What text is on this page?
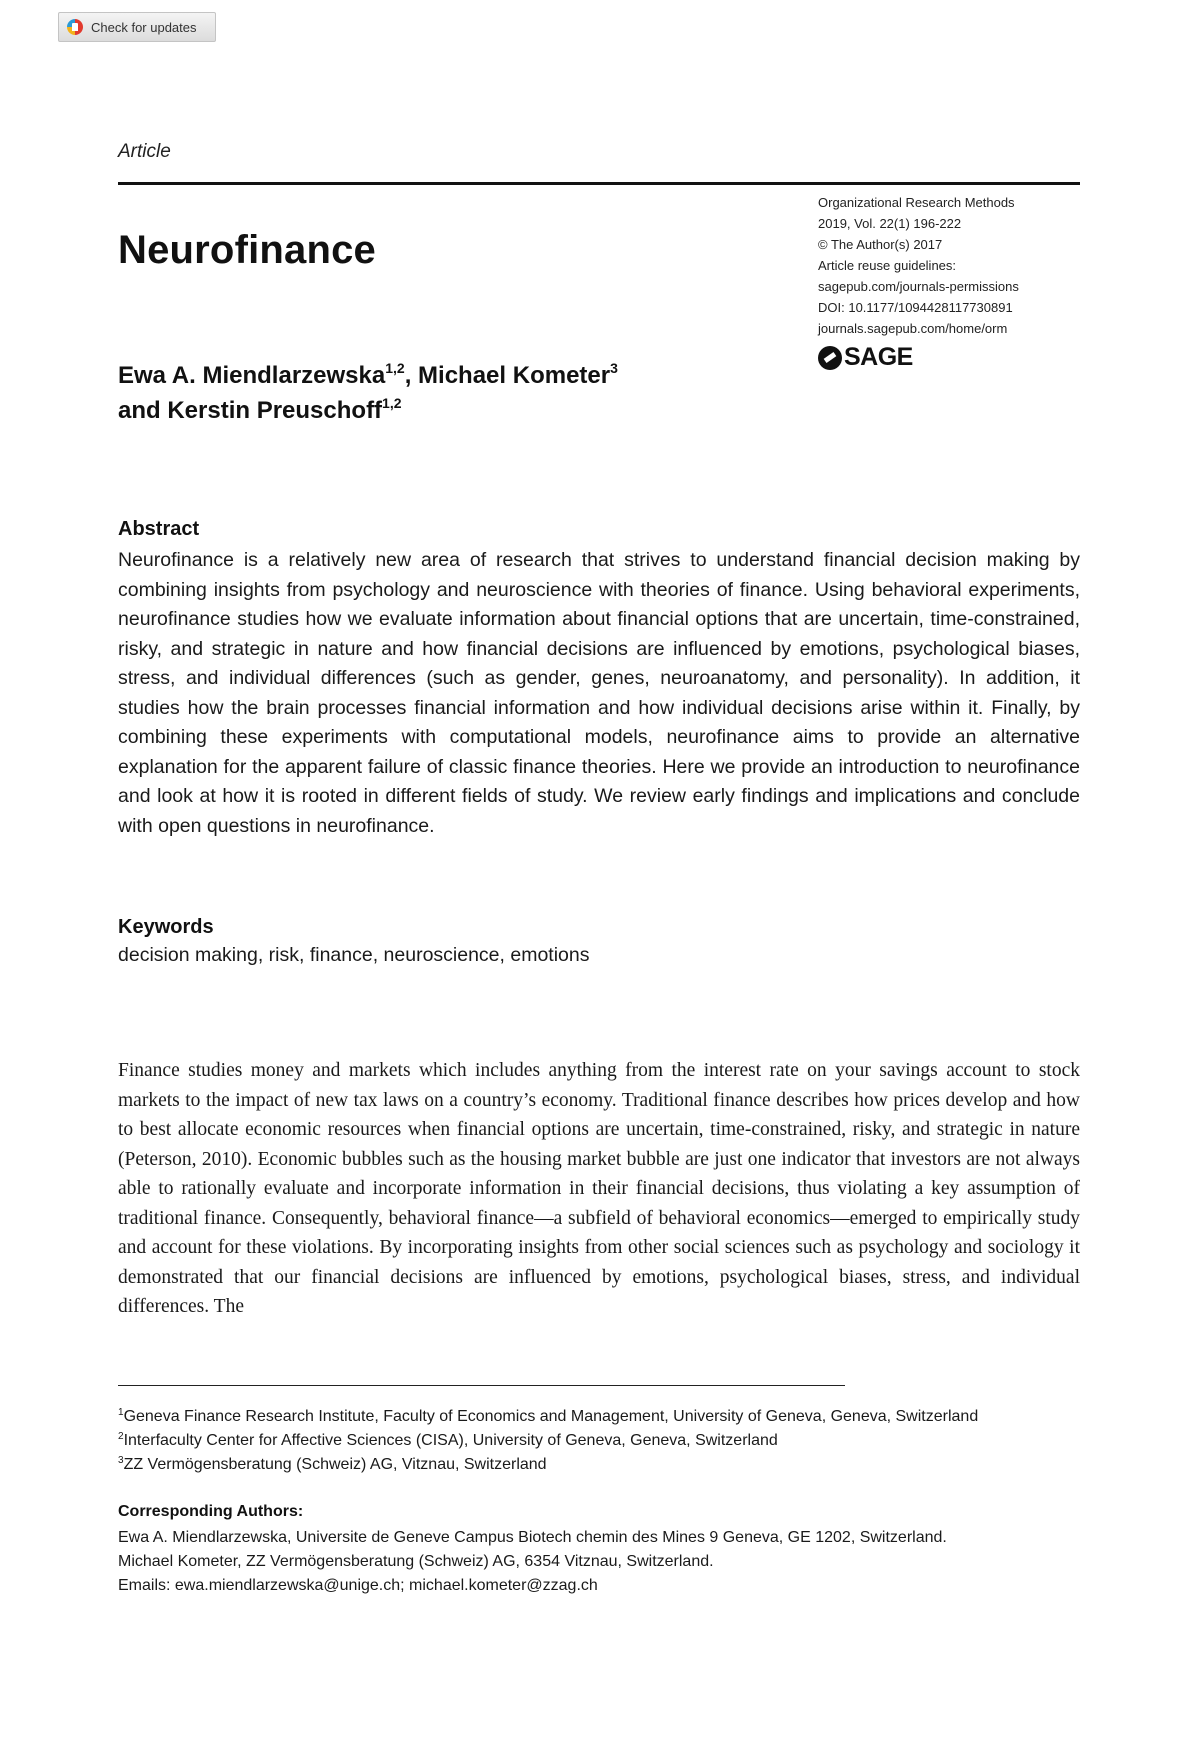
Check for updates
Article
Neurofinance
Organizational Research Methods
2019, Vol. 22(1) 196-222
© The Author(s) 2017
Article reuse guidelines:
sagepub.com/journals-permissions
DOI: 10.1177/1094428117730891
journals.sagepub.com/home/orm
SAGE
Ewa A. Miendlarzewska$^{1,2}$, Michael Kometer$^3$
and Kerstin Preuschoff$^{1,2}$
Abstract
Neurofinance is a relatively new area of research that strives to understand financial decision making by combining insights from psychology and neuroscience with theories of finance. Using behavioral experiments, neurofinance studies how we evaluate information about financial options that are uncertain, time-constrained, risky, and strategic in nature and how financial decisions are influenced by emotions, psychological biases, stress, and individual differences (such as gender, genes, neuroanatomy, and personality). In addition, it studies how the brain processes financial information and how individual decisions arise within it. Finally, by combining these experiments with computational models, neurofinance aims to provide an alternative explanation for the apparent failure of classic finance theories. Here we provide an introduction to neurofinance and look at how it is rooted in different fields of study. We review early findings and implications and conclude with open questions in neurofinance.
Keywords
decision making, risk, finance, neuroscience, emotions
Finance studies money and markets which includes anything from the interest rate on your savings account to stock markets to the impact of new tax laws on a country’s economy. Traditional finance describes how prices develop and how to best allocate economic resources when financial options are uncertain, time-constrained, risky, and strategic in nature (Peterson, 2010). Economic bubbles such as the housing market bubble are just one indicator that investors are not always able to rationally evaluate and incorporate information in their financial decisions, thus violating a key assumption of traditional finance. Consequently, behavioral finance—a subfield of behavioral economics—emerged to empirically study and account for these violations. By incorporating insights from other social sciences such as psychology and sociology it demonstrated that our financial decisions are influenced by emotions, psychological biases, stress, and individual differences. The
$^1$Geneva Finance Research Institute, Faculty of Economics and Management, University of Geneva, Geneva, Switzerland
$^2$Interfaculty Center for Affective Sciences (CISA), University of Geneva, Geneva, Switzerland
$^3$ZZ Vermögensberatung (Schweiz) AG, Vitznau, Switzerland
Corresponding Authors:
Ewa A. Miendlarzewska, Universite de Geneve Campus Biotech chemin des Mines 9 Geneva, GE 1202, Switzerland.
Michael Kometer, ZZ Vermögensberatung (Schweiz) AG, 6354 Vitznau, Switzerland.
Emails: ewa.miendlarzewska@unige.ch; michael.kometer@zzag.ch
